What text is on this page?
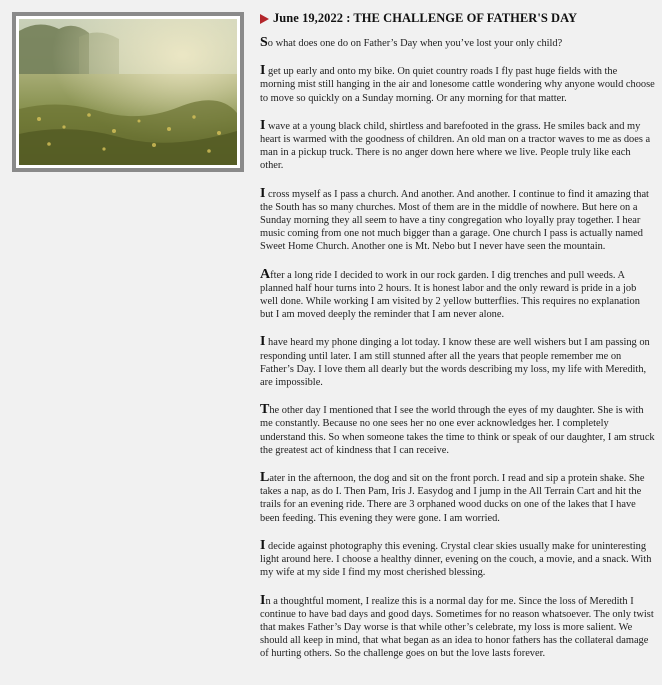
June 19,2022 : THE CHALLENGE OF FATHER'S DAY

So what does one do on Father’s Day when you’ve lost your only child?

I get up early and onto my bike. On quiet country roads I fly past huge fields with the morning mist still hanging in the air and lonesome cattle wondering why anyone would choose to move so quickly on a Sunday morning. Or any morning for that matter.

I wave at a young black child, shirtless and barefooted in the grass. He smiles back and my heart is warmed with the goodness of children. An old man on a tractor waves to me as does a man in a pickup truck. There is no anger down here where we live. People truly like each other.

I cross myself as I pass a church. And another. And another. I continue to find it amazing that the South has so many churches. Most of them are in the middle of nowhere. But here on a Sunday morning they all seem to have a tiny congregation who loyally pray together. I hear music coming from one not much bigger than a garage. One church I pass is actually named Sweet Home Church. Another one is Mt. Nebo but I never have seen the mountain.

After a long ride I decided to work in our rock garden. I dig trenches and pull weeds. A planned half hour turns into 2 hours. It is honest labor and the only reward is pride in a job well done. While working I am visited by 2 yellow butterflies. This requires no explanation but I am moved deeply the reminder that I am never alone.

I have heard my phone dinging a lot today. I know these are well wishers but I am passing on responding until later. I am still stunned after all the years that people remember me on Father’s Day. I love them all dearly but the words describing my loss, my life with Meredith, are impossible.

The other day I mentioned that I see the world through the eyes of my daughter. She is with me constantly. Because no one sees her no one ever acknowledges her. I completely understand this. So when someone takes the time to think or speak of our daughter, I am struck the greatest act of kindness that I can receive.

Later in the afternoon, the dog and sit on the front porch. I read and sip a protein shake. She takes a nap, as do I. Then Pam, Iris J. Easydog and I jump in the All Terrain Cart and hit the trails for an evening ride. There are 3 orphaned wood ducks on one of the lakes that I have been feeding. This evening they were gone. I am worried.

I decide against photography this evening. Crystal clear skies usually make for uninteresting light around here. I choose a healthy dinner, evening on the couch, a movie, and a snack. With my wife at my side I find my most cherished blessing.

In a thoughtful moment, I realize this is a normal day for me. Since the loss of Meredith I continue to have bad days and good days. Sometimes for no reason whatsoever. The only twist that makes Father’s Day worse is that while other’s celebrate, my loss is more salient. We should all keep in mind, that what began as an idea to honor fathers has the collateral damage of hurting others. So the challenge goes on but the love lasts forever.
